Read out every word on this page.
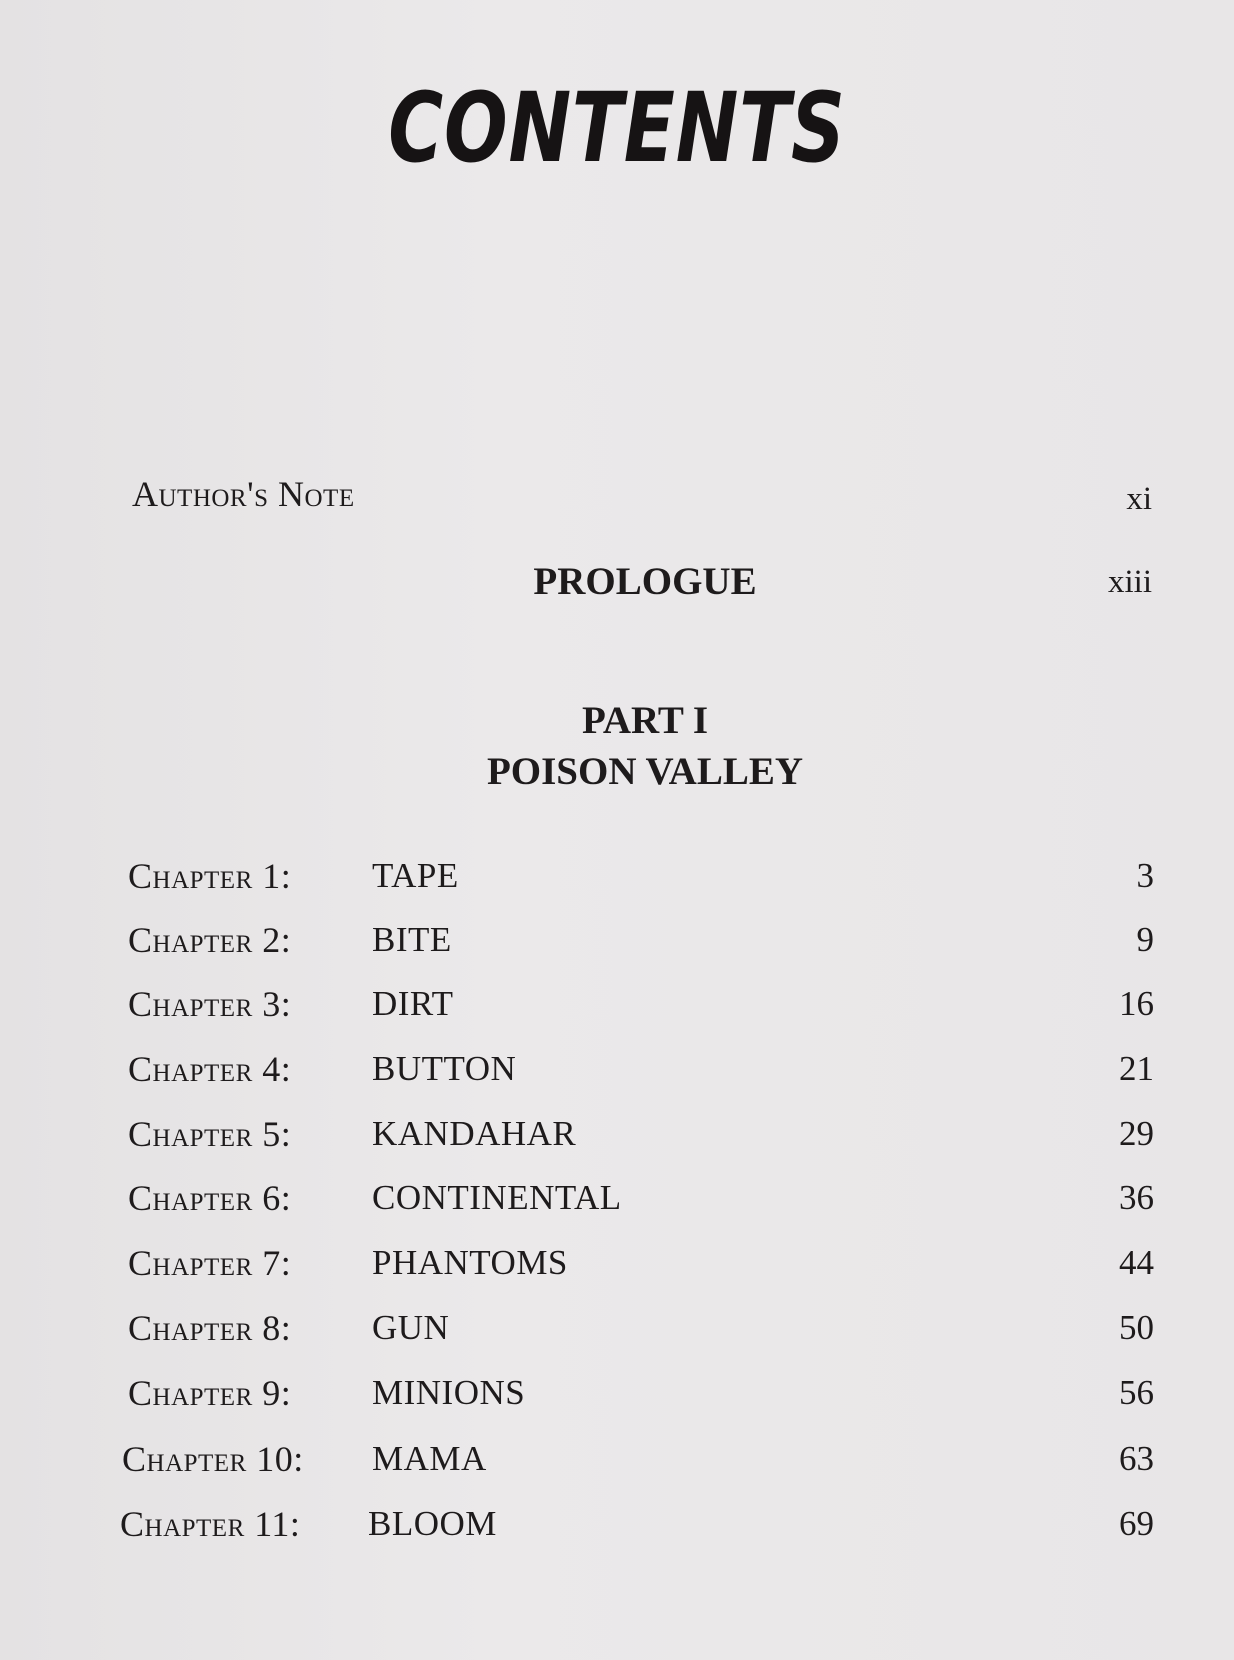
CONTENTS
Author's Note	xi
PROLOGUE	xiii
PART I
POISON VALLEY
Chapter 1: TAPE	3
Chapter 2: BITE	9
Chapter 3: DIRT	16
Chapter 4: BUTTON	21
Chapter 5: KANDAHAR	29
Chapter 6: CONTINENTAL	36
Chapter 7: PHANTOMS	44
Chapter 8: GUN	50
Chapter 9: MINIONS	56
Chapter 10: MAMA	63
Chapter 11: BLOOM	69
